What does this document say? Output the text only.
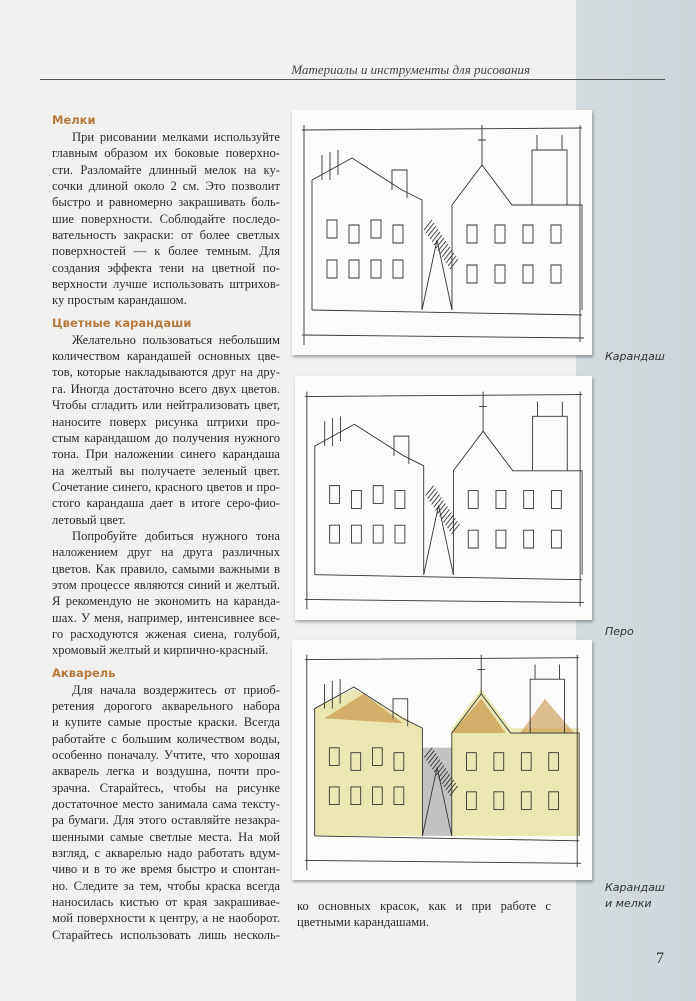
Материалы и инструменты для рисования
Мелки
При рисовании мелками используйте
главным образом их боковые поверхно-
сти. Разломайте длинный мелок на ку-
сочки длиной около 2 см. Это позволит
быстро и равномерно закрашивать боль-
шие поверхности. Соблюдайте последо-
вательность закраски: от более светлых
поверхностей — к более темным. Для
создания эффекта тени на цветной по-
верхности лучше использовать штрихов-
ку простым карандашом.
Цветные карандаши
Желательно пользоваться небольшим
количеством карандашей основных цве-
тов, которые накладываются друг на дру-
га. Иногда достаточно всего двух цветов.
Чтобы сгладить или нейтрализовать цвет,
наносите поверх рисунка штрихи про-
стым карандашом до получения нужного
тона. При наложении синего карандаша
на желтый вы получаете зеленый цвет.
Сочетание синего, красного цветов и про-
стого карандаша дает в итоге серо-фио-
летовый цвет.
Попробуйте добиться нужного тона
наложением друг на друга различных
цветов. Как правило, самыми важными в
этом процессе являются синий и желтый.
Я рекомендую не экономить на каранда-
шах. У меня, например, интенсивнее все-
го расходуются жженая сиена, голубой,
хромовый желтый и кирпично-красный.
Акварель
Для начала воздержитесь от приоб-
ретения дорогого акварельного набора
и купите самые простые краски. Всегда
работайте с большим количеством воды,
особенно поначалу. Учтите, что хорошая
акварель легка и воздушна, почти про-
зрачна. Старайтесь, чтобы на рисунке
достаточное место занимала сама тексту-
ра бумаги. Для этого оставляйте незакра-
шенными самые светлые места. На мой
взгляд, с акварелью надо работать вдум-
чиво и в то же время быстро и спонтан-
но. Следите за тем, чтобы краска всегда
наносилась кистью от края закрашивае-
мой поверхности к центру, а не наоборот.
Старайтесь использовать лишь несколь-
ко основных красок, как и при работе с
цветными карандашами.
Карандаш
Перо
Карандаш
и мелки
7
